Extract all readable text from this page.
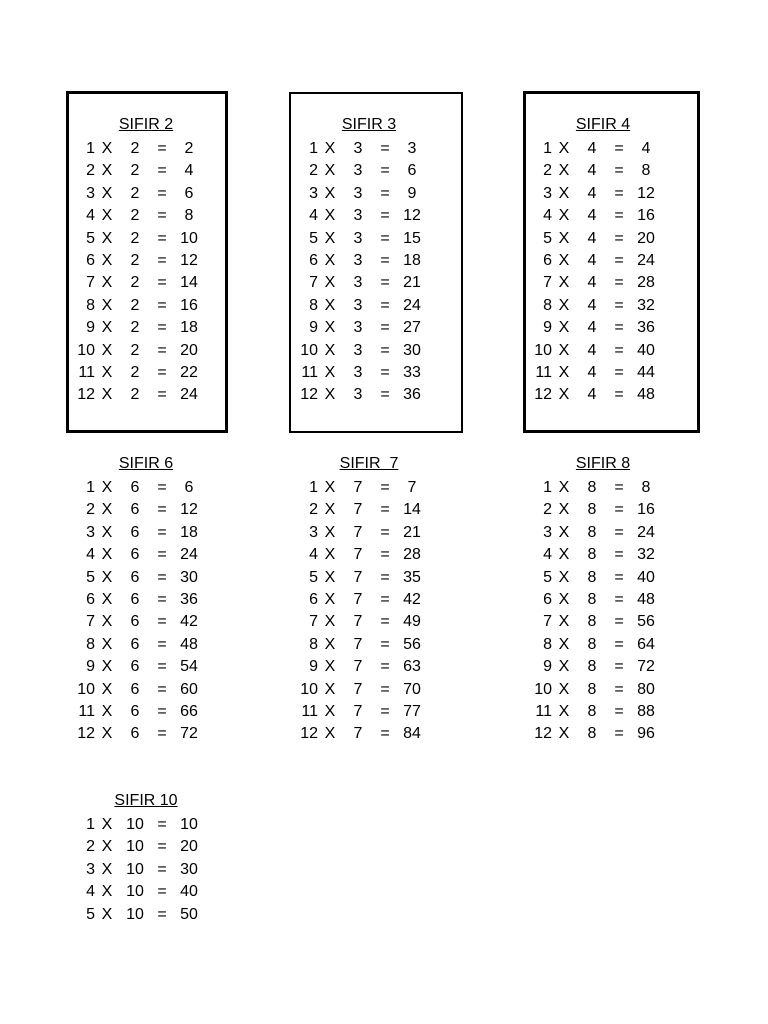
SIFIR 2
1 X	2	=	2
2 X	2	=	4
3 X	2	=	6
4 X	2	=	8
5 X	2	= 10
6 X	2	= 12
7 X	2	= 14
8 X	2	= 16
9 X	2	= 18
10 X	2	= 20
11 X	2	= 22
12 X	2	= 24
SIFIR 3
1 X	3	=	3
2 X	3	=	6
3 X	3	=	9
4 X	3	= 12
5 X	3	= 15
6 X	3	= 18
7 X	3	= 21
8 X	3	= 24
9 X	3	= 27
10 X	3	= 30
11 X	3	= 33
12 X	3	= 36
SIFIR 4
1 X	4	=	4
2 X	4	=	8
3 X	4	= 12
4 X	4	= 16
5 X	4	= 20
6 X	4	= 24
7 X	4	= 28
8 X	4	= 32
9 X	4	= 36
10 X	4	= 40
11 X	4	= 44
12 X	4	= 48
SIFIR 6
1 X	6	=	6
2 X	6	= 12
3 X	6	= 18
4 X	6	= 24
5 X	6	= 30
6 X	6	= 36
7 X	6	= 42
8 X	6	= 48
9 X	6	= 54
10 X	6	= 60
11 X	6	= 66
12 X	6	= 72
SIFIR  7
1 X	7	=	7
2 X	7	= 14
3 X	7	= 21
4 X	7	= 28
5 X	7	= 35
6 X	7	= 42
7 X	7	= 49
8 X	7	= 56
9 X	7	= 63
10 X	7	= 70
11 X	7	= 77
12 X	7	= 84
SIFIR 8
1 X	8	=	8
2 X	8	= 16
3 X	8	= 24
4 X	8	= 32
5 X	8	= 40
6 X	8	= 48
7 X	8	= 56
8 X	8	= 64
9 X	8	= 72
10 X	8	= 80
11 X	8	= 88
12 X	8	= 96
SIFIR 10
1 X 10 = 10
2 X 10 = 20
3 X 10 = 30
4 X 10 = 40
5 X 10 = 50
